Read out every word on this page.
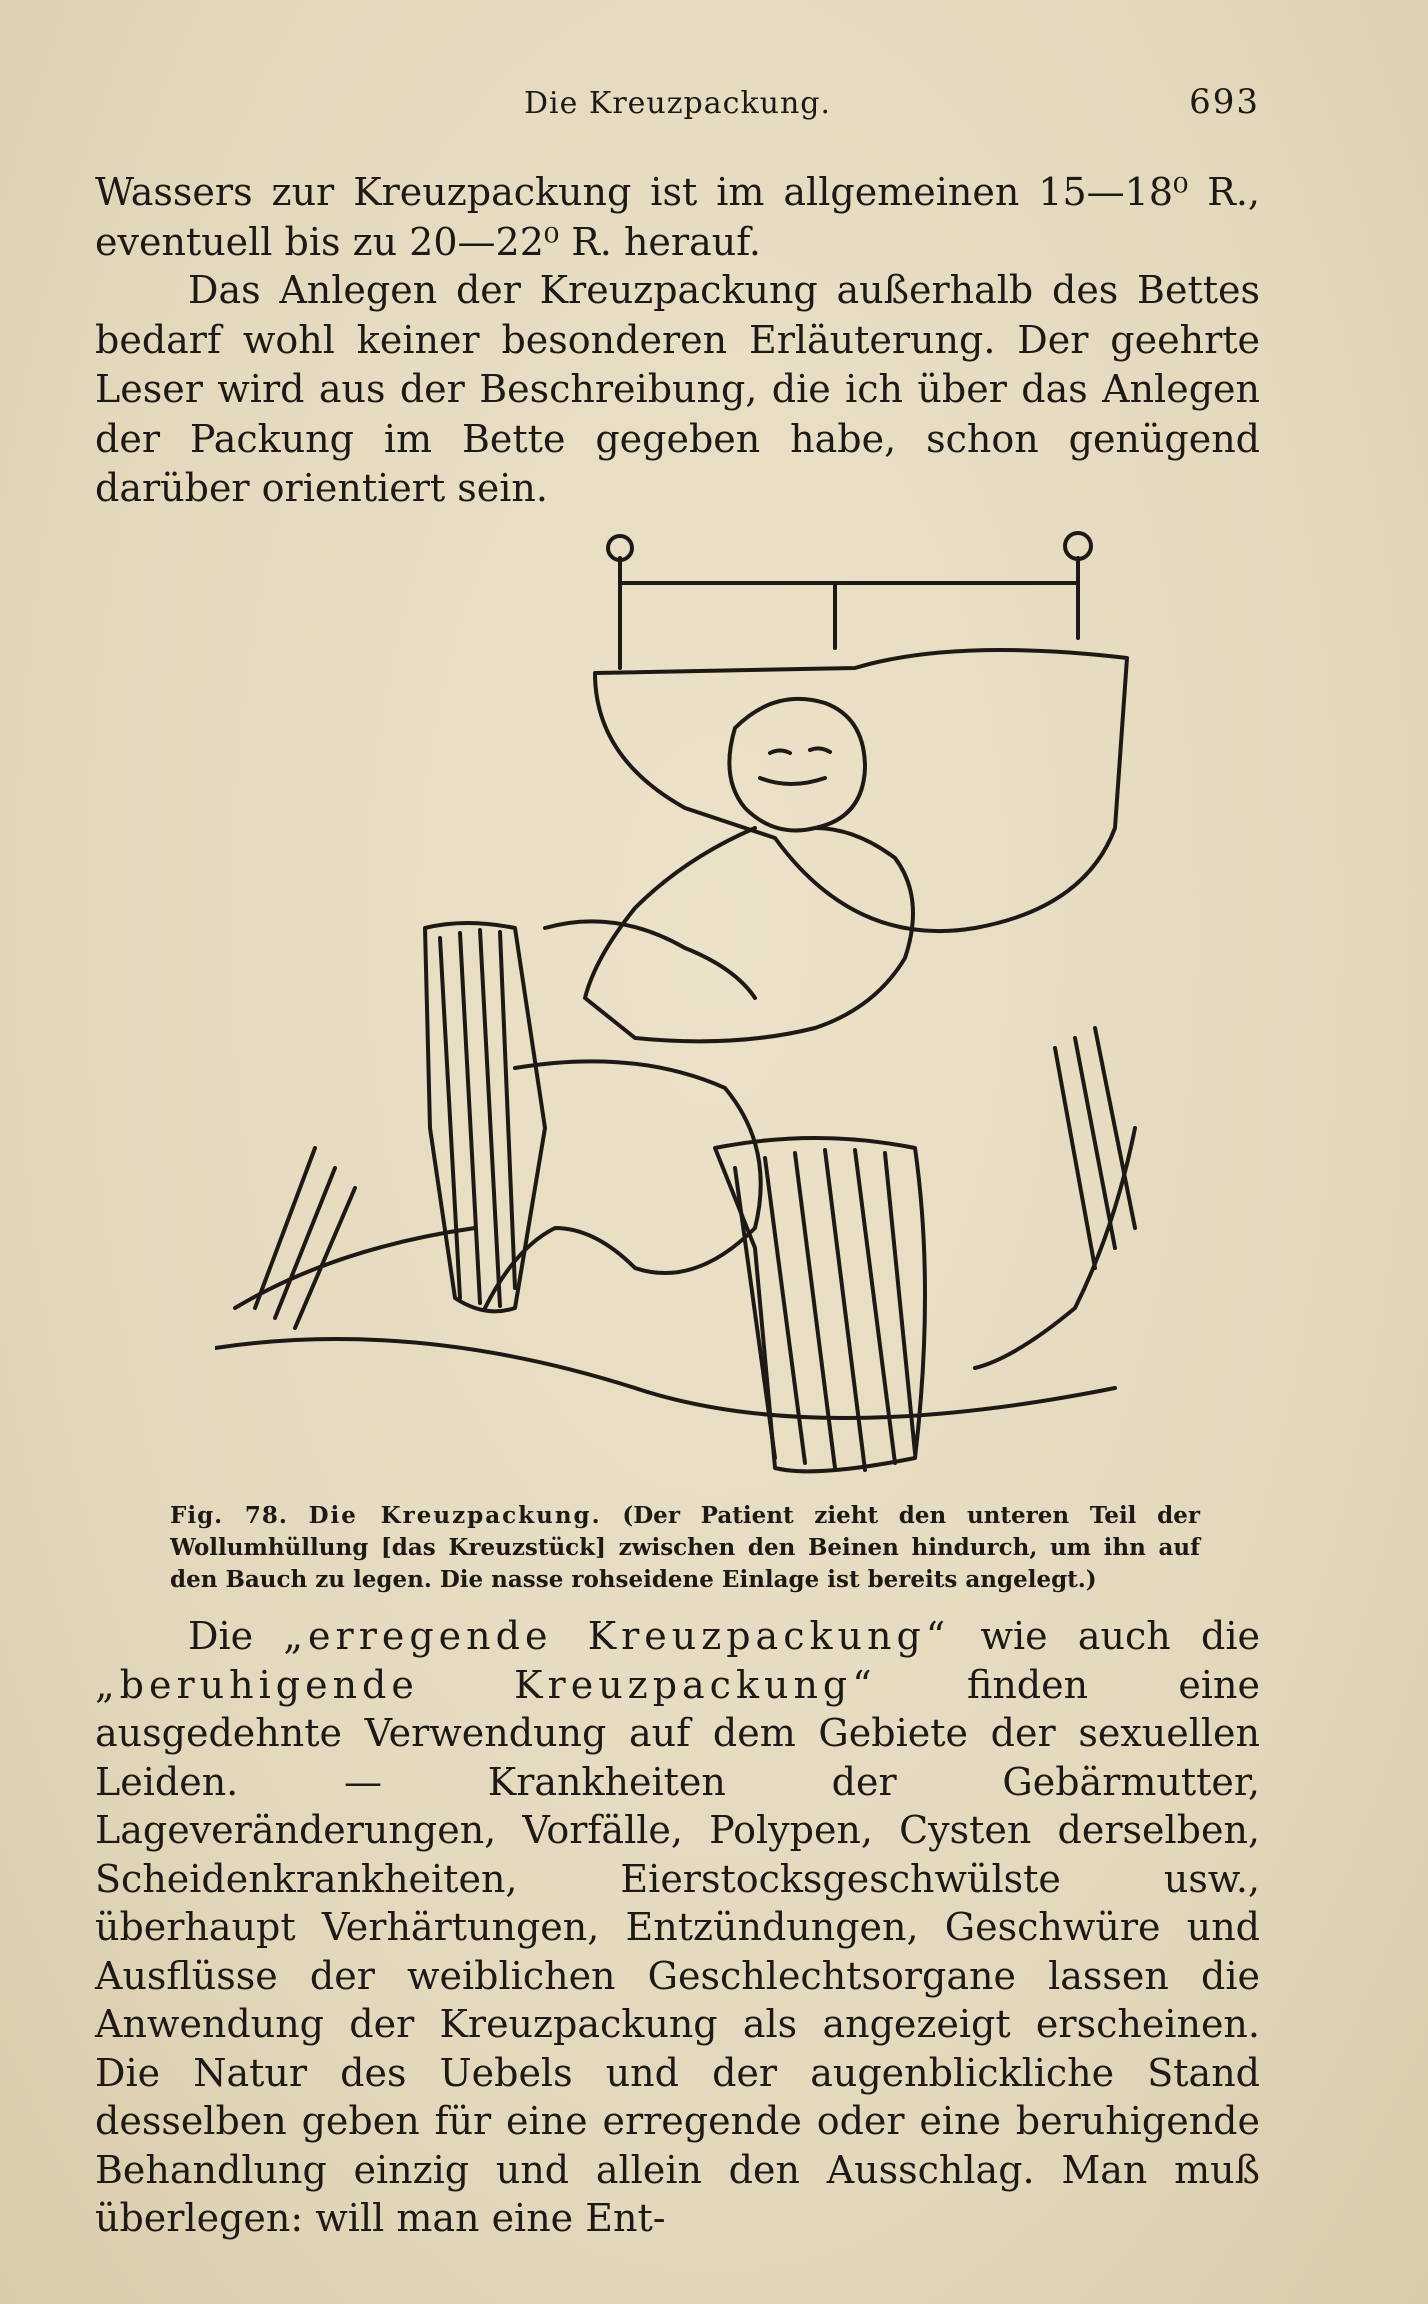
Die Kreuzpackung.	693

Wassers zur Kreuzpackung ist im allgemeinen 15—18⁰ R., eventuell bis zu 20—22⁰ R. herauf.

Das Anlegen der Kreuzpackung außerhalb des Bettes bedarf wohl keiner besonderen Erläuterung. Der geehrte Leser wird aus der Beschreibung, die ich über das Anlegen der Packung im Bette gegeben habe, schon genügend darüber orientiert sein.

Fig. 78. Die Kreuzpackung. (Der Patient zieht den unteren Teil der Wollumhüllung [das Kreuzstück] zwischen den Beinen hindurch, um ihn auf den Bauch zu legen. Die nasse rohseidene Einlage ist bereits angelegt.)

Die „erregende Kreuzpackung“ wie auch die „beruhigende Kreuzpackung“ finden eine ausgedehnte Verwendung auf dem Gebiete der sexuellen Leiden. — Krankheiten der Gebärmutter, Lageveränderungen, Vorfälle, Polypen, Cysten derselben, Scheidenkrankheiten, Eierstocksgeschwülste usw., überhaupt Verhärtungen, Entzündungen, Geschwüre und Ausflüsse der weiblichen Geschlechtsorgane lassen die Anwendung der Kreuzpackung als angezeigt erscheinen. Die Natur des Uebels und der augenblickliche Stand desselben geben für eine erregende oder eine beruhigende Behandlung einzig und allein den Ausschlag. Man muß überlegen: will man eine Ent-
